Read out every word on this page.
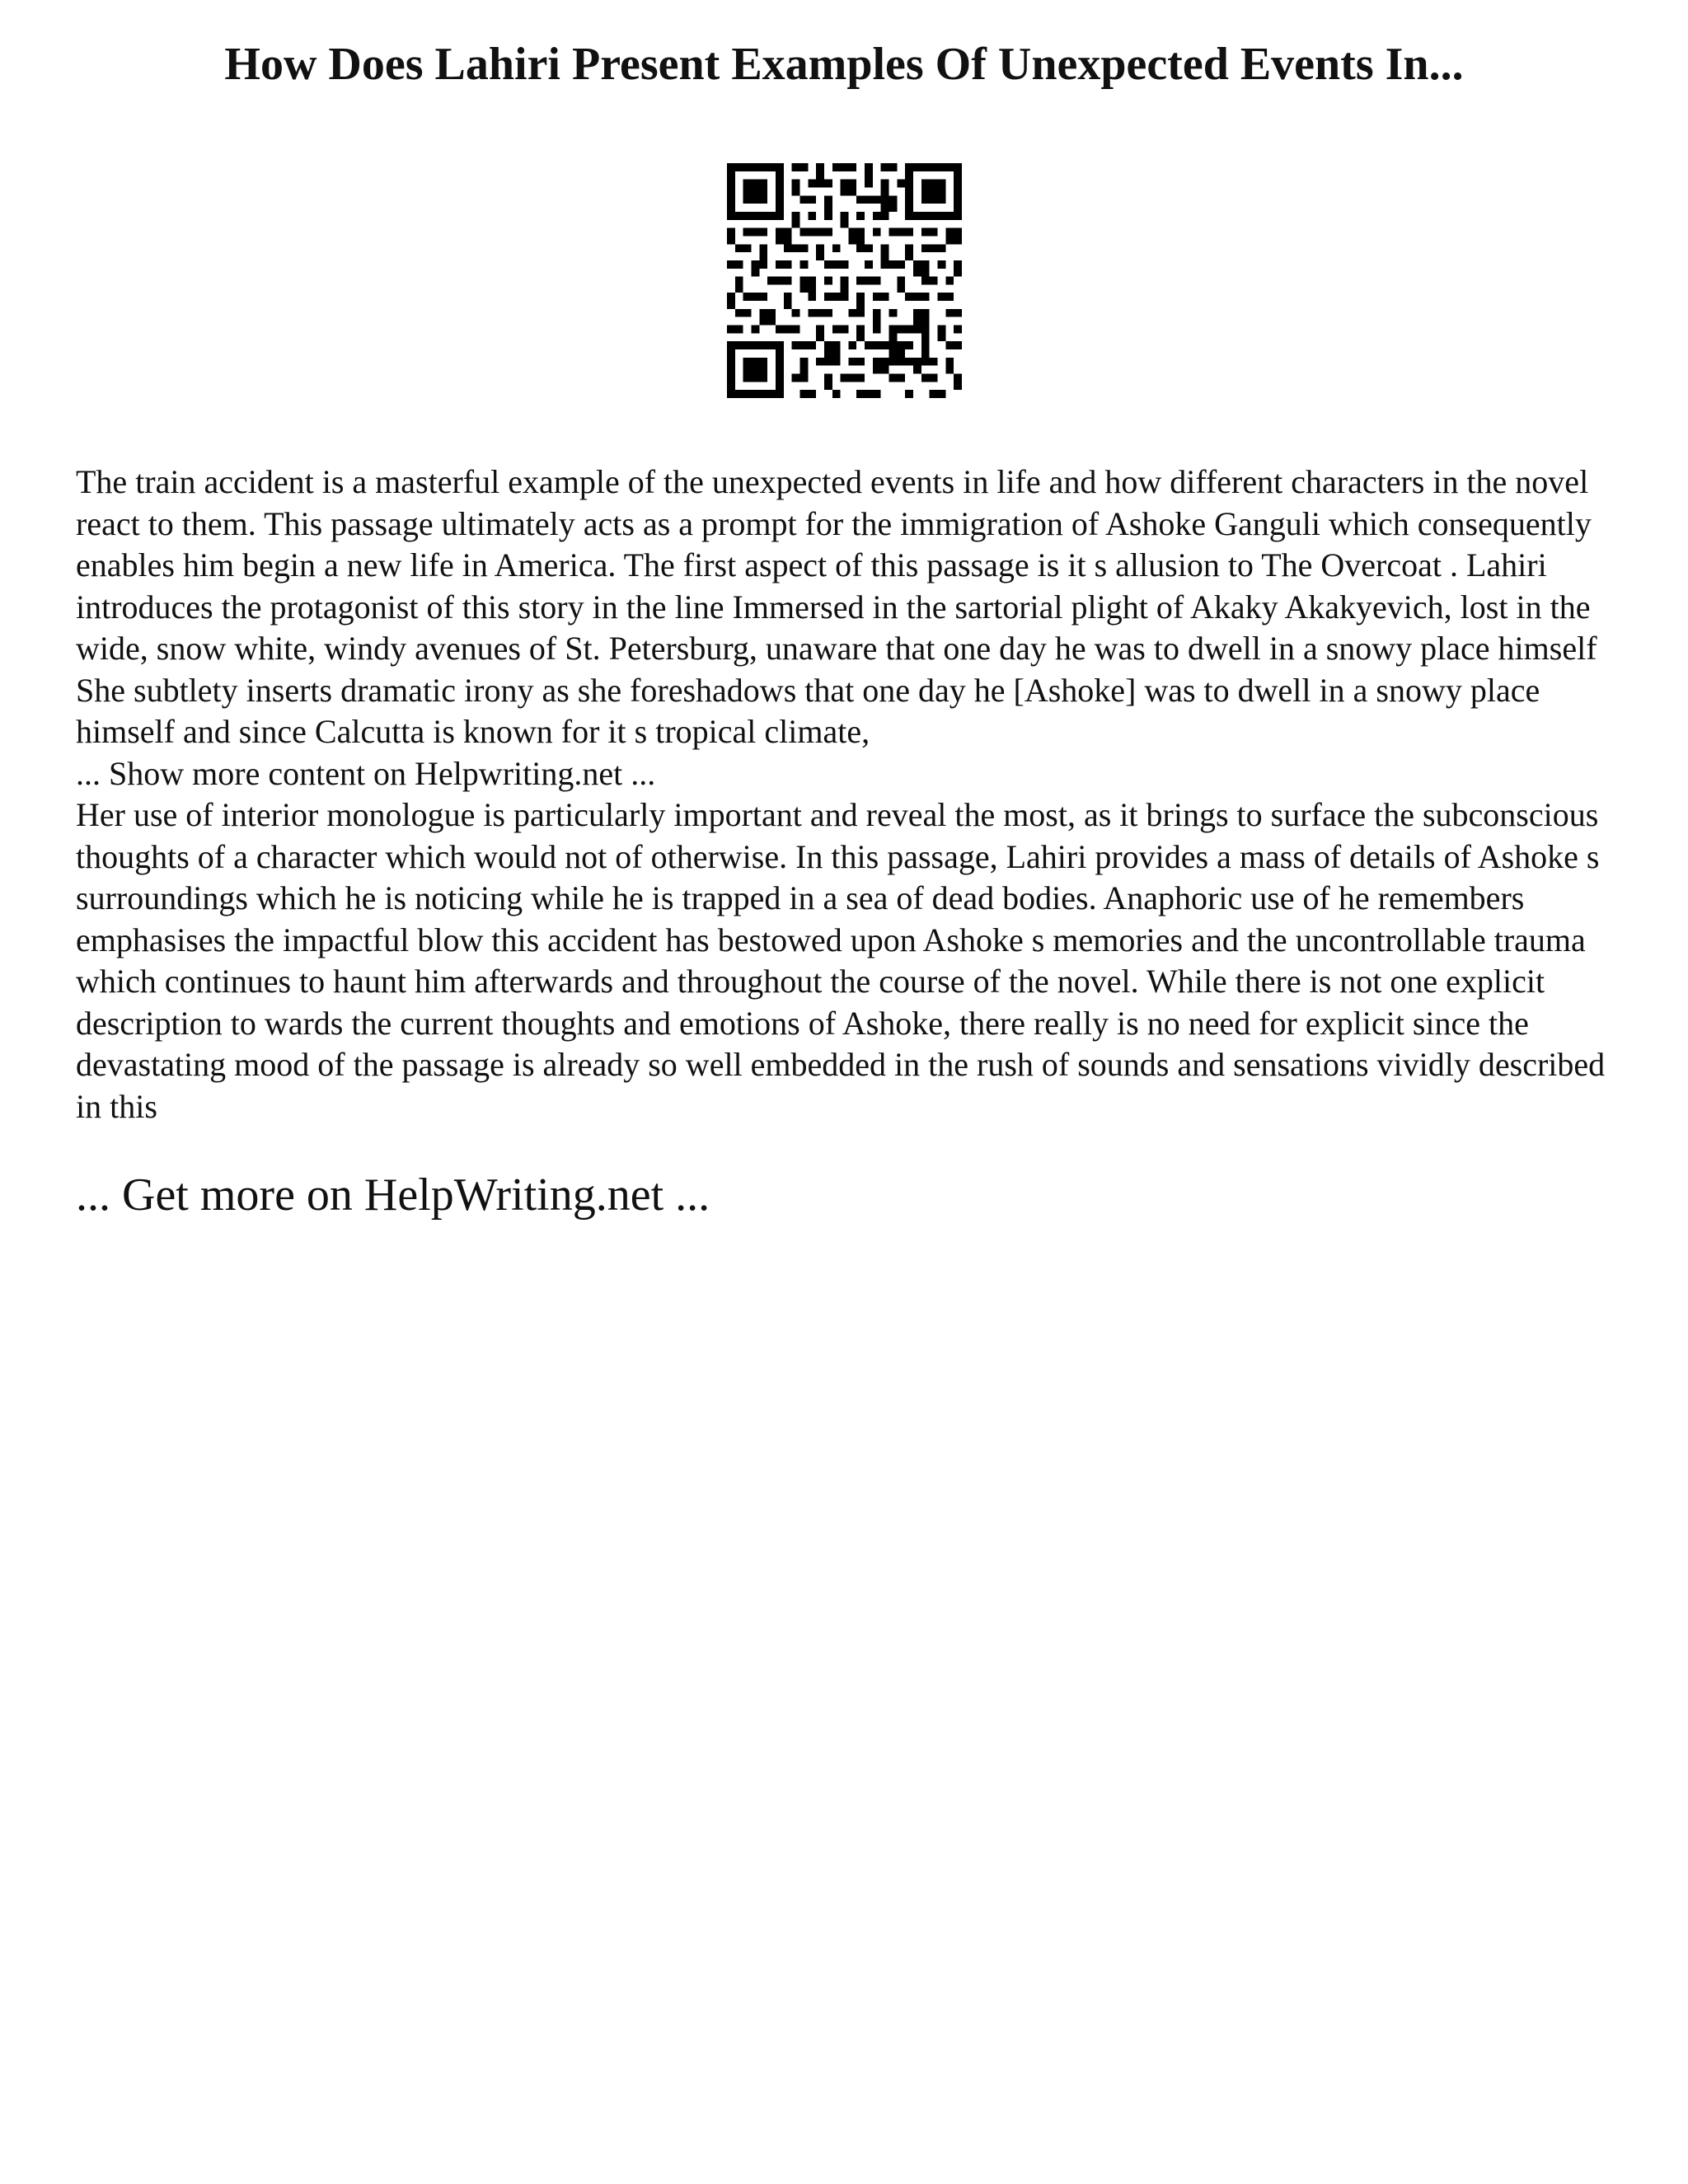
How Does Lahiri Present Examples Of Unexpected Events In...

The train accident is a masterful example of the unexpected events in life and how different characters in the novel react to them. This passage ultimately acts as a prompt for the immigration of Ashoke Ganguli which consequently enables him begin a new life in America. The first aspect of this passage is it s allusion to The Overcoat . Lahiri introduces the protagonist of this story in the line Immersed in the sartorial plight of Akaky Akakyevich, lost in the wide, snow white, windy avenues of St. Petersburg, unaware that one day he was to dwell in a snowy place himself She subtlety inserts dramatic irony as she foreshadows that one day he [Ashoke] was to dwell in a snowy place himself and since Calcutta is known for it s tropical climate,

... Show more content on Helpwriting.net ...

Her use of interior monologue is particularly important and reveal the most, as it brings to surface the subconscious thoughts of a character which would not of otherwise. In this passage, Lahiri provides a mass of details of Ashoke s surroundings which he is noticing while he is trapped in a sea of dead bodies. Anaphoric use of he remembers emphasises the impactful blow this accident has bestowed upon Ashoke s memories and the uncontrollable trauma which continues to haunt him afterwards and throughout the course of the novel. While there is not one explicit description to wards the current thoughts and emotions of Ashoke, there really is no need for explicit since the devastating mood of the passage is already so well embedded in the rush of sounds and sensations vividly described in this

... Get more on HelpWriting.net ...
